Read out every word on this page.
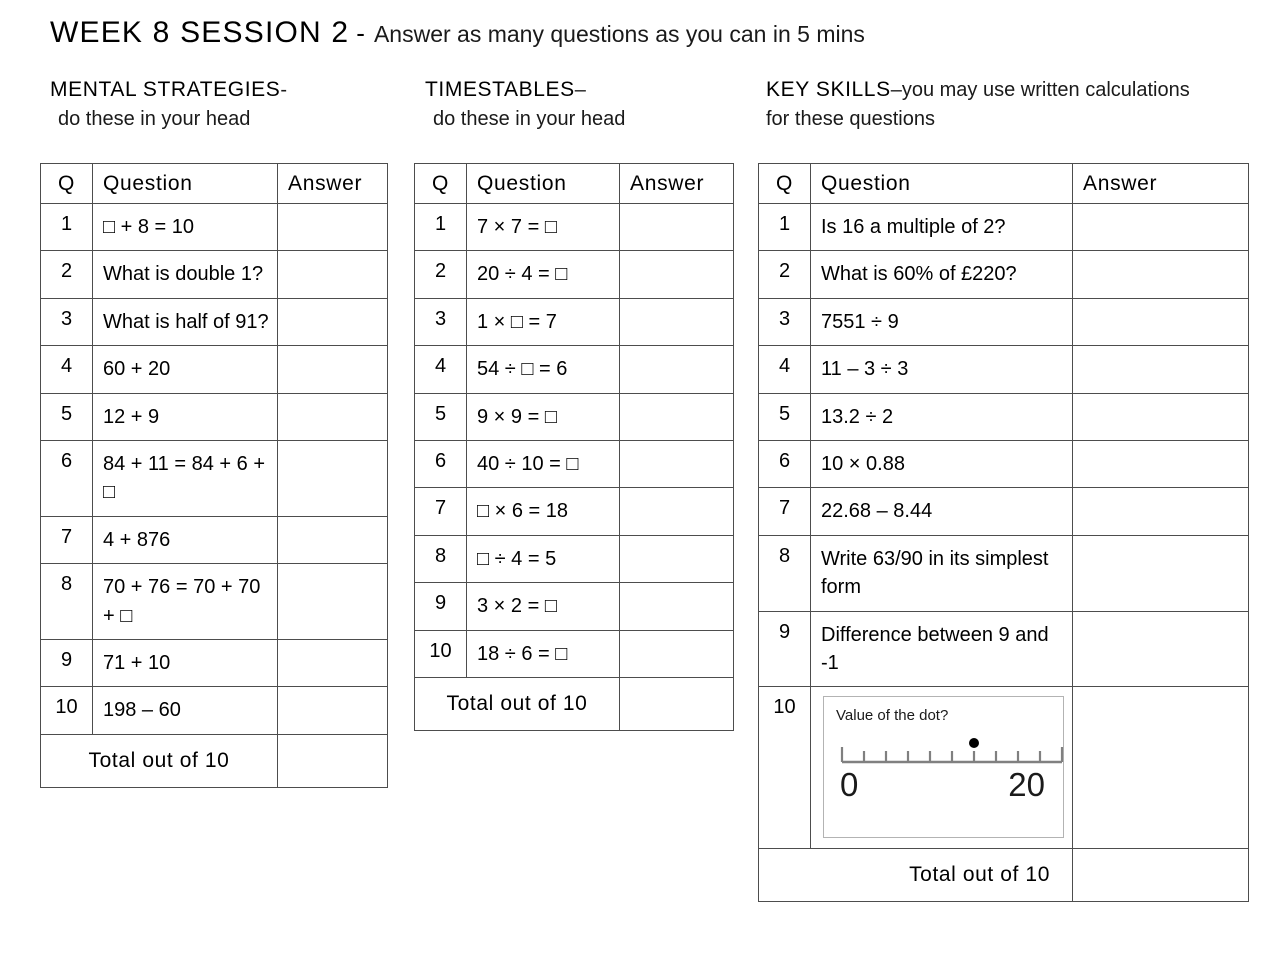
WEEK 8 SESSION 2 - Answer as many questions as you can in 5 mins
MENTAL STRATEGIES-
do these in your head
TIMESTABLES–
do these in your head
KEY SKILLS–you may use written calculations
for these questions
Q	Question	Answer
1	□ + 8 = 10	
2	What is double 1?	
3	What is half of 91?	
4	60 + 20	
5	12 + 9	
6	84 + 11 = 84 + 6 + □	
7	4 + 876	
8	70 + 76 = 70 + 70 + □	
9	71 + 10	
10	198 – 60	
Total out of 10		
Q	Question	Answer
1	7 × 7 = □	
2	20 ÷ 4 = □	
3	1 × □ = 7	
4	54 ÷ □ = 6	
5	9 × 9 = □	
6	40 ÷ 10 = □	
7	□ × 6 = 18	
8	□ ÷ 4 = 5	
9	3 × 2 = □	
10	18 ÷ 6 = □	
Total out of 10		
Q	Question	Answer
1	Is 16 a multiple of 2?	
2	What is 60% of £220?	
3	7551 ÷ 9	
4	11 – 3 ÷ 3	
5	13.2 ÷ 2	
6	10 × 0.88	
7	22.68 – 8.44	
8	Write 63/90 in its simplest form	
9	Difference between 9 and -1	
10	Value of the dot?
0 20	

Total out of 10		
